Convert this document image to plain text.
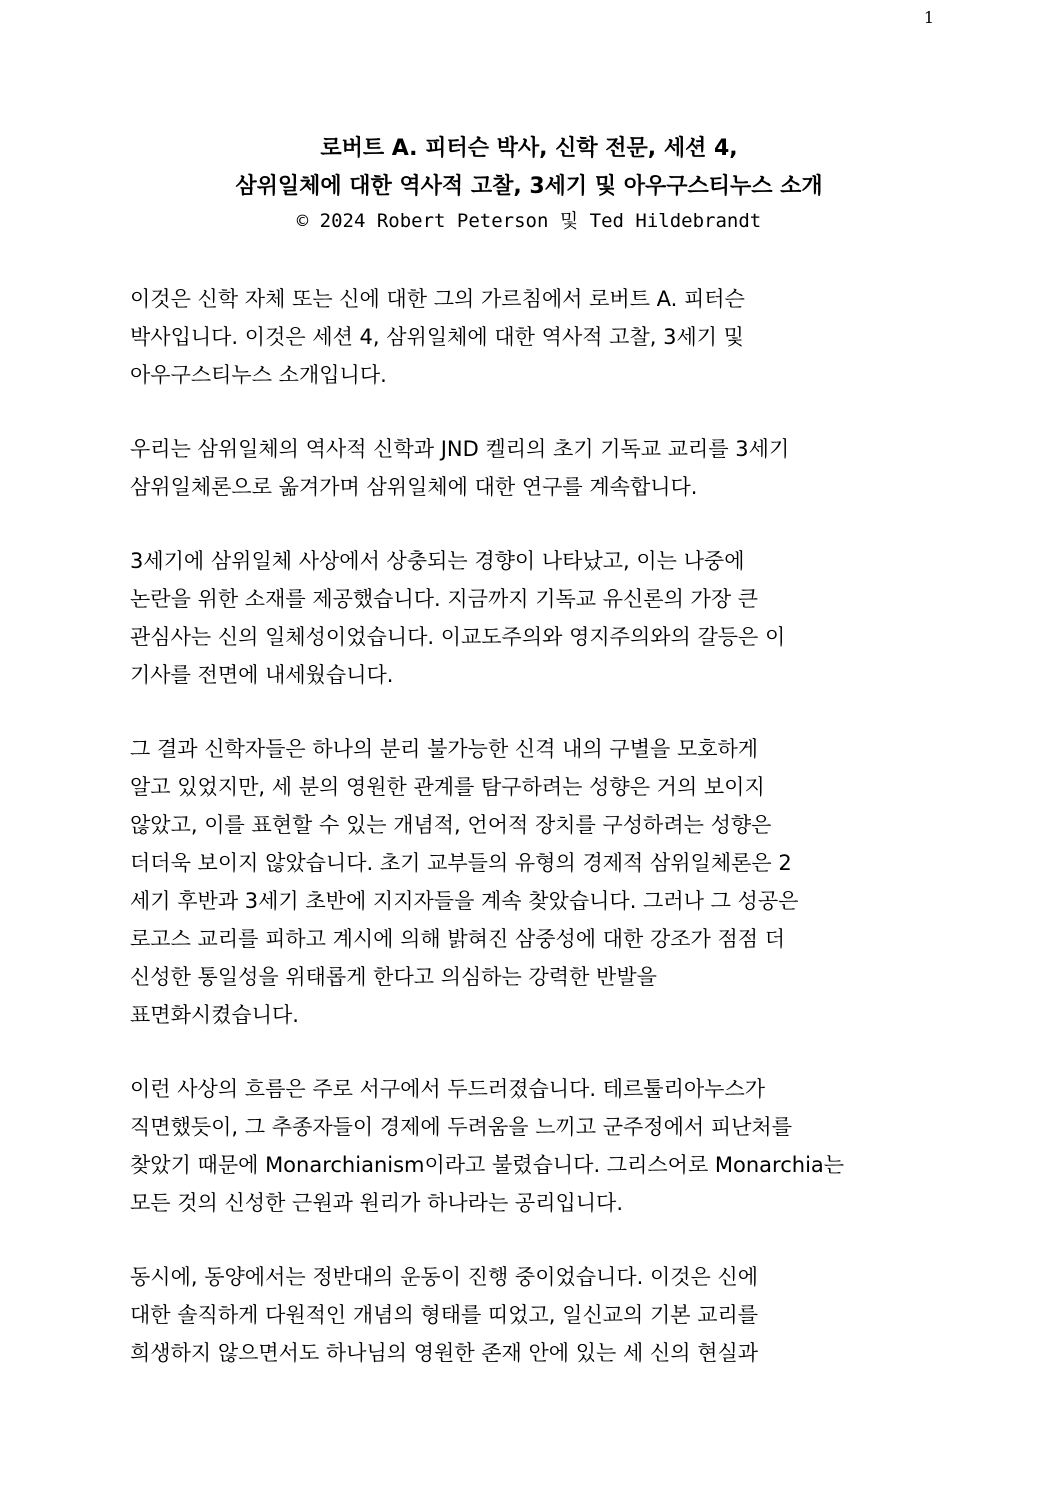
1
로버트 A. 피터슨 박사, 신학 전문, 세션 4,
삼위일체에 대한 역사적 고찰, 3세기 및 아우구스티누스 소개
© 2024 Robert Peterson 및 Ted Hildebrandt
이것은 신학 자체 또는 신에 대한 그의 가르침에서 로버트 A. 피터슨
박사입니다. 이것은 세션 4, 삼위일체에 대한 역사적 고찰, 3세기 및
아우구스티누스 소개입니다.
우리는 삼위일체의 역사적 신학과 JND 켈리의 초기 기독교 교리를 3세기
삼위일체론으로 옮겨가며 삼위일체에 대한 연구를 계속합니다.
3세기에 삼위일체 사상에서 상충되는 경향이 나타났고, 이는 나중에
논란을 위한 소재를 제공했습니다. 지금까지 기독교 유신론의 가장 큰
관심사는 신의 일체성이었습니다. 이교도주의와 영지주의와의 갈등은 이
기사를 전면에 내세웠습니다.
그 결과 신학자들은 하나의 분리 불가능한 신격 내의 구별을 모호하게
알고 있었지만, 세 분의 영원한 관계를 탐구하려는 성향은 거의 보이지
않았고, 이를 표현할 수 있는 개념적, 언어적 장치를 구성하려는 성향은
더더욱 보이지 않았습니다. 초기 교부들의 유형의 경제적 삼위일체론은 2
세기 후반과 3세기 초반에 지지자들을 계속 찾았습니다. 그러나 그 성공은
로고스 교리를 피하고 계시에 의해 밝혀진 삼중성에 대한 강조가 점점 더
신성한 통일성을 위태롭게 한다고 의심하는 강력한 반발을
표면화시켰습니다.
이런 사상의 흐름은 주로 서구에서 두드러졌습니다. 테르툴리아누스가
직면했듯이, 그 추종자들이 경제에 두려움을 느끼고 군주정에서 피난처를
찾았기 때문에 Monarchianism이라고 불렸습니다. 그리스어로 Monarchia는
모든 것의 신성한 근원과 원리가 하나라는 공리입니다.
동시에, 동양에서는 정반대의 운동이 진행 중이었습니다. 이것은 신에
대한 솔직하게 다원적인 개념의 형태를 띠었고, 일신교의 기본 교리를
희생하지 않으면서도 하나님의 영원한 존재 안에 있는 세 신의 현실과
